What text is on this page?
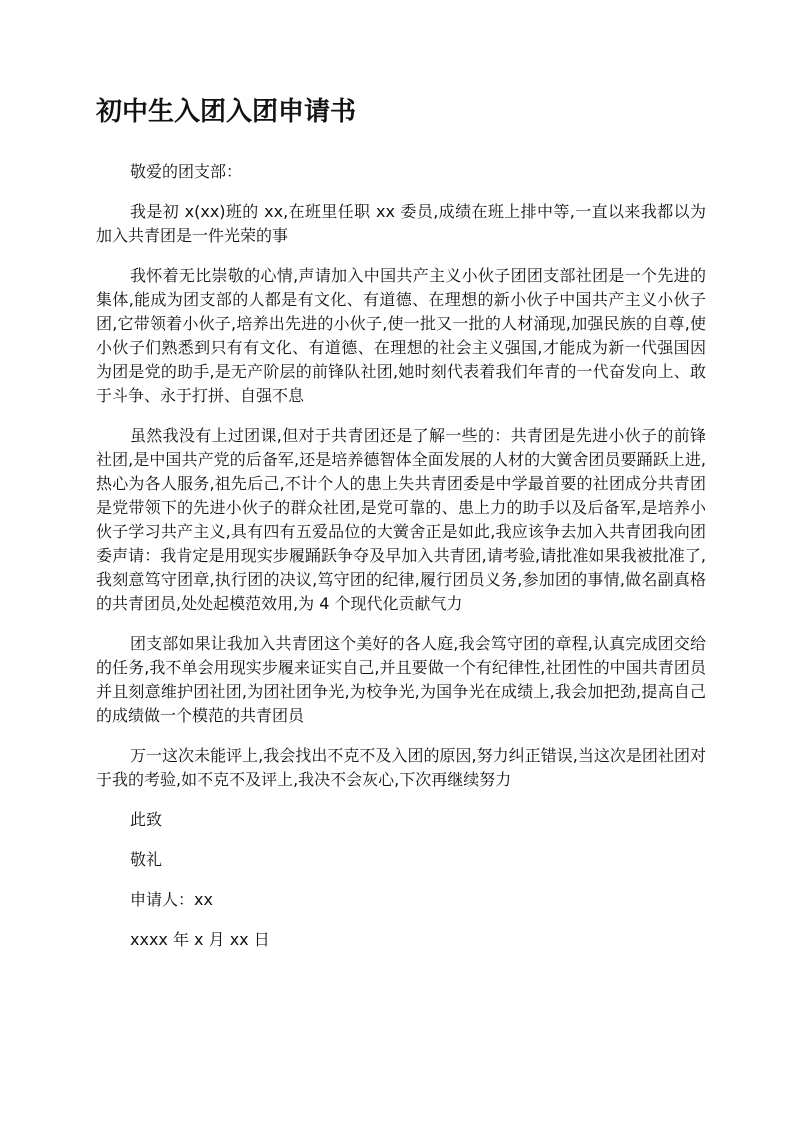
初中生入团入团申请书

敬爱的团支部：

我是初 x(xx)班的 xx,在班里任职 xx 委员,成绩在班上排中等,一直以来我都以为加入共青团是一件光荣的事

我怀着无比崇敬的心情,声请加入中国共产主义小伙子团团支部社团是一个先进的集体,能成为团支部的人都是有文化、有道德、在理想的新小伙子中国共产主义小伙子团,它带领着小伙子,培养出先进的小伙子,使一批又一批的人材涌现,加强民族的自尊,使小伙子们熟悉到只有有文化、有道德、在理想的社会主义强国,才能成为新一代强国因为团是党的助手,是无产阶层的前锋队社团,她时刻代表着我们年青的一代奋发向上、敢于斗争、永于打拼、自强不息

虽然我没有上过团课,但对于共青团还是了解一些的：共青团是先进小伙子的前锋社团,是中国共产党的后备军,还是培养德智体全面发展的人材的大黉舍团员要踊跃上进,热心为各人服务,祖先后己,不计个人的患上失共青团委是中学最首要的社团成分共青团是党带领下的先进小伙子的群众社团,是党可靠的、患上力的助手以及后备军,是培养小伙子学习共产主义,具有四有五爱品位的大黉舍正是如此,我应该争去加入共青团我向团委声请：我肯定是用现实步履踊跃争夺及早加入共青团,请考验,请批准如果我被批准了,我刻意笃守团章,执行团的决议,笃守团的纪律,履行团员义务,参加团的事情,做名副真格的共青团员,处处起模范效用,为 4 个现代化贡献气力

团支部如果让我加入共青团这个美好的各人庭,我会笃守团的章程,认真完成团交给的任务,我不单会用现实步履来证实自己,并且要做一个有纪律性,社团性的中国共青团员并且刻意维护团社团,为团社团争光,为校争光,为国争光在成绩上,我会加把劲,提高自己的成绩做一个模范的共青团员

万一这次未能评上,我会找出不克不及入团的原因,努力纠正错误,当这次是团社团对于我的考验,如不克不及评上,我决不会灰心,下次再继续努力

此致

敬礼

申请人：xx

xxxx 年 x 月 xx 日
